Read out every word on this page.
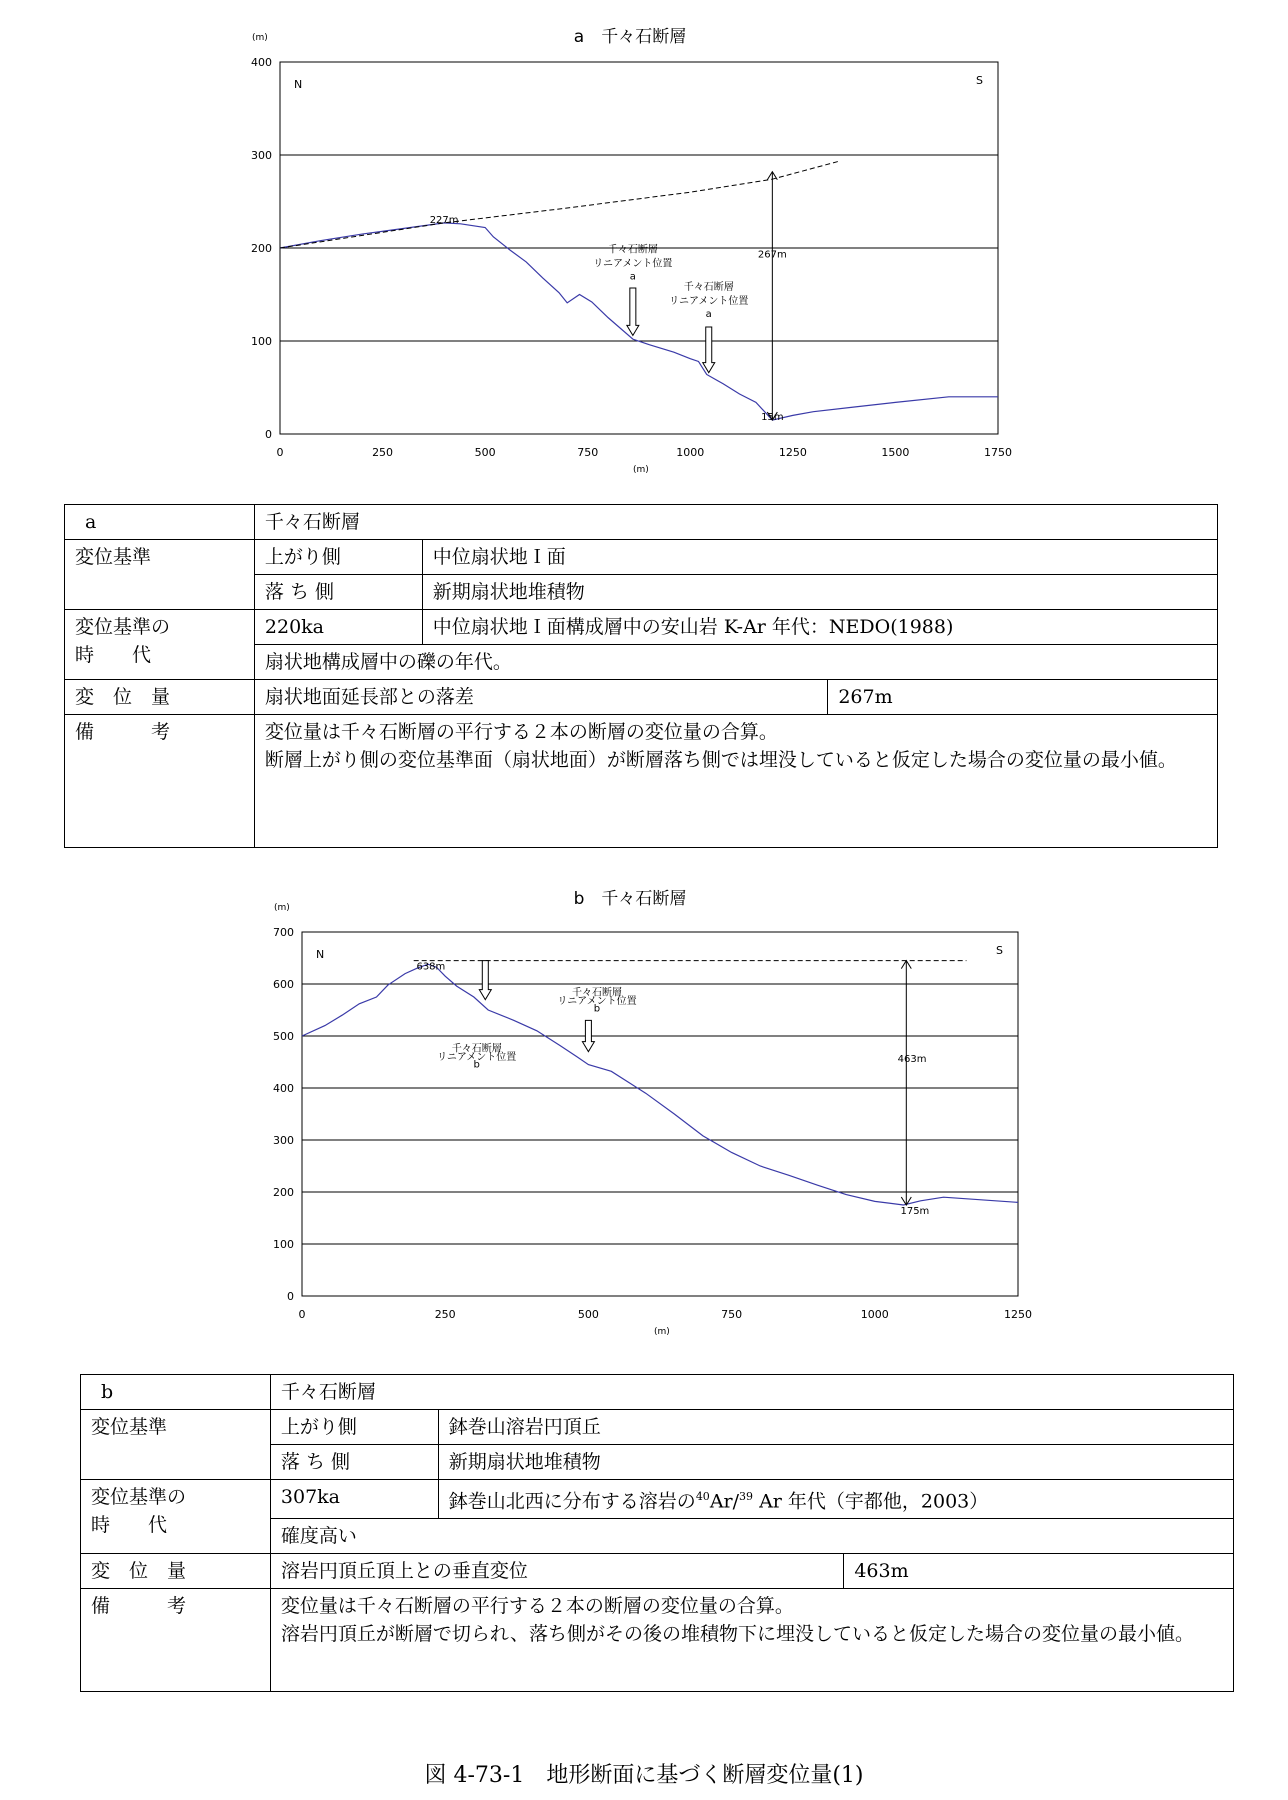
a　千々石断層
0
100
200
300
400
0	250	500	750	1000	1250	1500	1750
(m)
(m)
N	S
227m
15m
267m
千々石断層
リニアメント位置
a
千々石断層
リニアメント位置
a
a	千々石断層		
変位基準	上がり側	中位扇状地Ｉ面	
	落 ち 側	新期扇状地堆積物	

変位基準の
時　　代	220ka	中位扇状地Ｉ面構成層中の安山岩 K-Ar 年代：NEDO(1988)	
	扇状地構成層中の礫の年代。		
変　位　量	扇状地面延長部との落差		267m
備　　　考	変位量は千々石断層の平行する２本の断層の変位量の合算。
断層上がり側の変位基準面（扇状地面）が断層落ち側では埋没していると仮定した場合の変位量の最小値。		
b　千々石断層
0
100
200
300
400
500
600
700
0	250	500	750	1000	1250
(m)
(m)
N	S
638m
175m
463m
千々石断層
リニアメント位置
b
千々石断層
リニアメント位置
b
b	千々石断層		
変位基準	上がり側	鉢巻山溶岩円頂丘	
	落 ち 側	新期扇状地堆積物	

変位基準の
時　　代	307ka	鉢巻山北西に分布する溶岩の$^{40}$Ar/$^{39}$ Ar 年代（宇都他，2003）	
	確度高い		
変　位　量	溶岩円頂丘頂上との垂直変位		463m
備　　　考	変位量は千々石断層の平行する２本の断層の変位量の合算。
溶岩円頂丘が断層で切られ、落ち側がその後の堆積物下に埋没していると仮定した場合の変位量の最小値。		
図 4-73-1　地形断面に基づく断層変位量(1)
